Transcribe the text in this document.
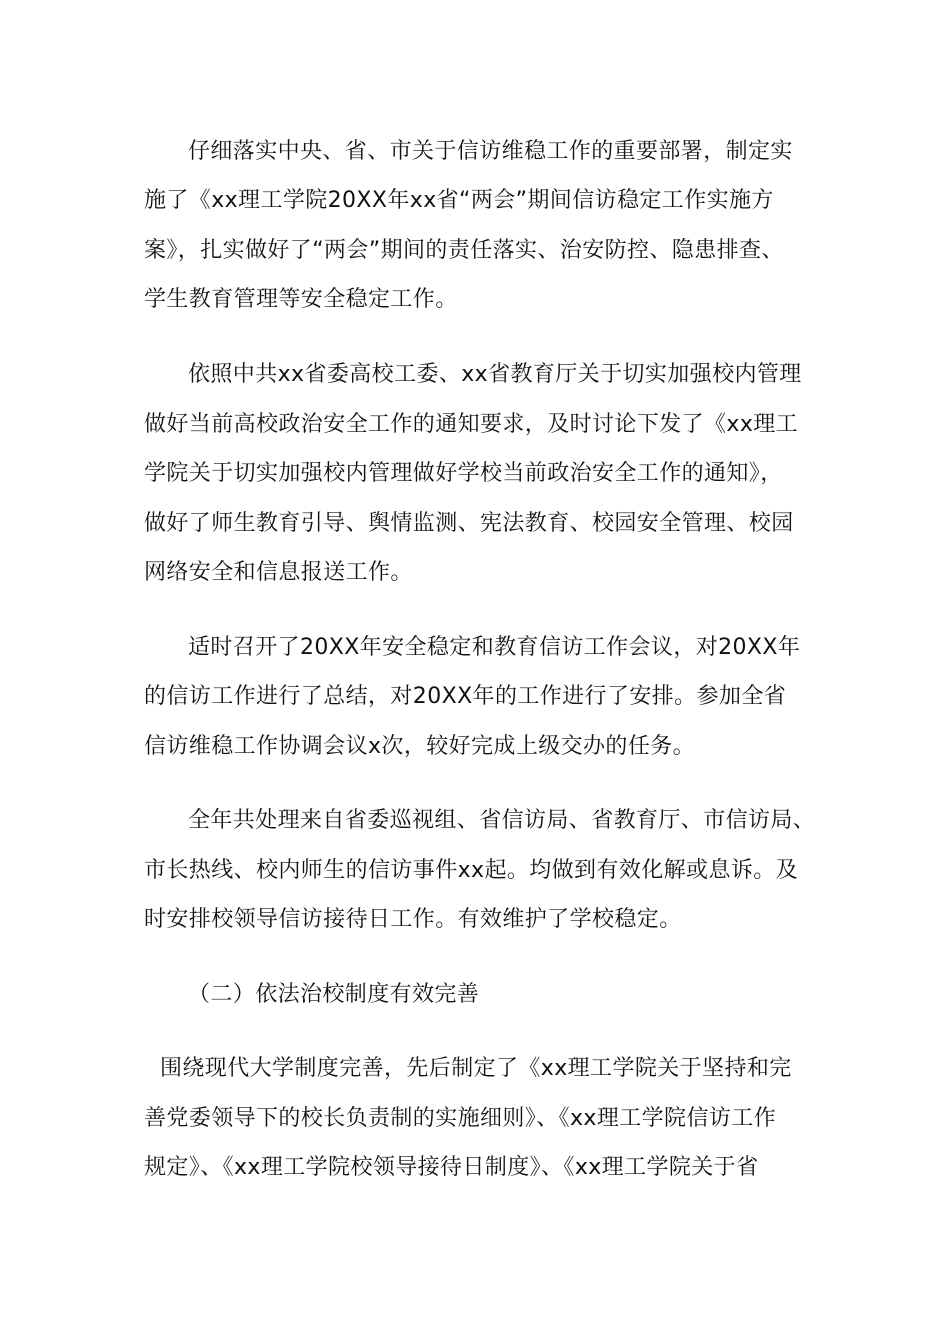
仔细落实中央、省、市关于信访维稳工作的重要部署，制定实

施了《xx理工学院20XX年xx省“两会”期间信访稳定工作实施方

案》，扎实做好了“两会”期间的责任落实、治安防控、隐患排查、

学生教育管理等安全稳定工作。

依照中共xx省委高校工委、xx省教育厅关于切实加强校内管理

做好当前高校政治安全工作的通知要求，及时讨论下发了《xx理工

学院关于切实加强校内管理做好学校当前政治安全工作的通知》，

做好了师生教育引导、舆情监测、宪法教育、校园安全管理、校园

网络安全和信息报送工作。

适时召开了20XX年安全稳定和教育信访工作会议，对20XX年

的信访工作进行了总结，对20XX年的工作进行了安排。参加全省

信访维稳工作协调会议x次，较好完成上级交办的任务。

全年共处理来自省委巡视组、省信访局、省教育厅、市信访局、

市长热线、校内师生的信访事件xx起。均做到有效化解或息诉。及

时安排校领导信访接待日工作。有效维护了学校稳定。

（二）依法治校制度有效完善

围绕现代大学制度完善，先后制定了《xx理工学院关于坚持和完

善党委领导下的校长负责制的实施细则》、《xx理工学院信访工作

规定》、《xx理工学院校领导接待日制度》、《xx理工学院关于省
